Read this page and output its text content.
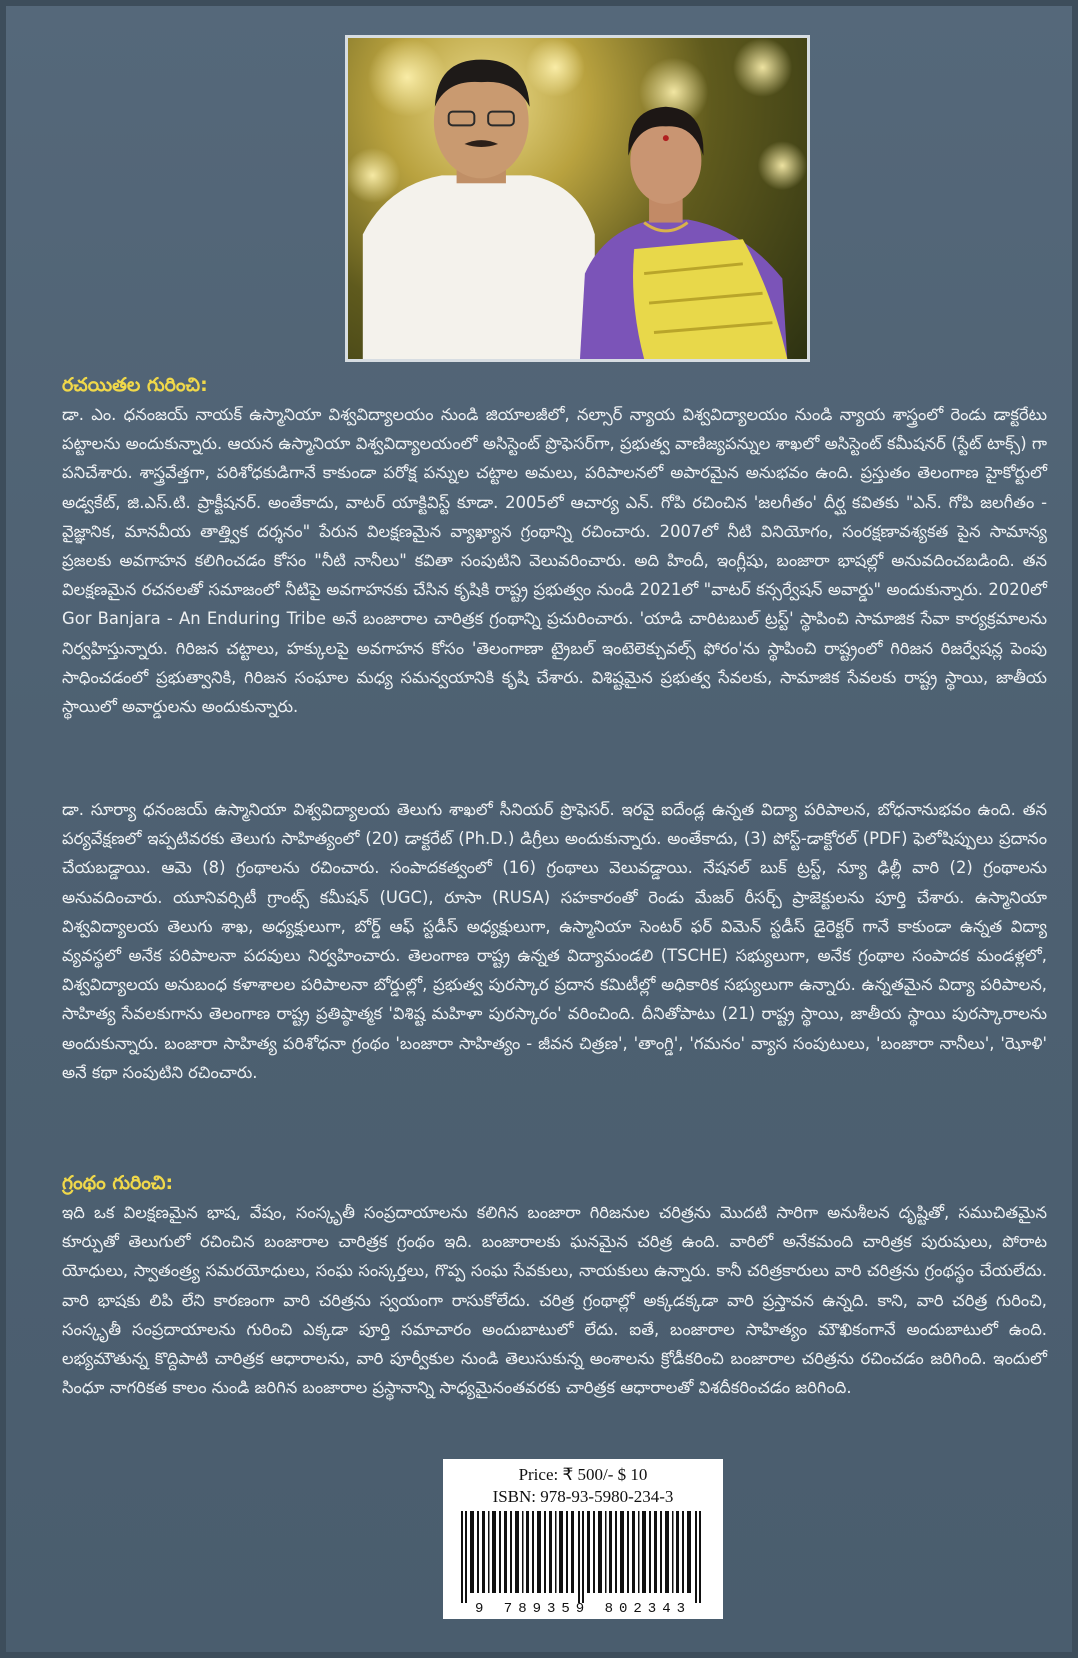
రచయితల గురించి:

డా. ఎం. ధనంజయ్ నాయక్ ఉస్మానియా విశ్వవిద్యాలయం నుండి జియాలజీలో, నల్సార్ న్యాయ విశ్వవిద్యాలయం నుండి న్యాయ శాస్త్రంలో రెండు డాక్టరేటు పట్టాలను అందుకున్నారు. ఆయన ఉస్మానియా విశ్వవిద్యాలయంలో అసిస్టెంట్ ప్రొఫెసర్‌గా, ప్రభుత్వ వాణిజ్యపన్నుల శాఖలో అసిస్టెంట్ కమీషనర్ (స్టేట్ టాక్స్) గా పనిచేశారు. శాస్త్రవేత్తగా, పరిశోధకుడిగానే కాకుండా పరోక్ష పన్నుల చట్టాల అమలు, పరిపాలనలో అపారమైన అనుభవం ఉంది. ప్రస్తుతం తెలంగాణ హైకోర్టులో అడ్వకేట్, జి.ఎస్.టి. ప్రాక్టీషనర్. అంతేకాదు, వాటర్ యాక్టివిస్ట్ కూడా. 2005లో ఆచార్య ఎన్. గోపి రచించిన 'జలగీతం' దీర్ఘ కవితకు "ఎన్. గోపి జలగీతం - వైజ్ఞానిక, మానవీయ తాత్త్విక దర్శనం" పేరున విలక్షణమైన వ్యాఖ్యాన గ్రంథాన్ని రచించారు. 2007లో నీటి వినియోగం, సంరక్షణావశ్యకత పైన సామాన్య ప్రజలకు అవగాహన కలిగించడం కోసం "నీటి నానీలు" కవితా సంపుటిని వెలువరించారు. అది హిందీ, ఇంగ్లీషు, బంజారా భాషల్లో అనువదించబడింది. తన విలక్షణమైన రచనలతో సమాజంలో నీటిపై అవగాహనకు చేసిన కృషికి రాష్ట్ర ప్రభుత్వం నుండి 2021లో "వాటర్ కన్సర్వేషన్ అవార్డు" అందుకున్నారు. 2020లో Gor Banjara - An Enduring Tribe అనే బంజారాల చారిత్రక గ్రంథాన్ని ప్రచురించారు. 'యాడి చారిటబుల్ ట్రస్ట్' స్థాపించి సామాజిక సేవా కార్యక్రమాలను నిర్వహిస్తున్నారు. గిరిజన చట్టాలు, హక్కులపై అవగాహన కోసం 'తెలంగాణా ట్రైబల్ ఇంటెలెక్చువల్స్ ఫోరం'ను స్థాపించి రాష్ట్రంలో గిరిజన రిజర్వేషన్ల పెంపు సాధించడంలో ప్రభుత్వానికి, గిరిజన సంఘాల మధ్య సమన్వయానికి కృషి చేశారు. విశిష్టమైన ప్రభుత్వ సేవలకు, సామాజిక సేవలకు రాష్ట్ర స్థాయి, జాతీయ స్థాయిలో అవార్డులను అందుకున్నారు.

డా. సూర్యా ధనంజయ్ ఉస్మానియా విశ్వవిద్యాలయ తెలుగు శాఖలో సీనియర్ ప్రొఫెసర్. ఇరవై ఐదేండ్ల ఉన్నత విద్యా పరిపాలన, బోధనానుభవం ఉంది. తన పర్యవేక్షణలో ఇప్పటివరకు తెలుగు సాహిత్యంలో (20) డాక్టరేట్ (Ph.D.) డిగ్రీలు అందుకున్నారు. అంతేకాదు, (3) పోస్ట్-డాక్టోరల్ (PDF) ఫెలోషిప్పులు ప్రదానం చేయబడ్డాయి. ఆమె (8) గ్రంథాలను రచించారు. సంపాదకత్వంలో (16) గ్రంథాలు వెలువడ్డాయి. నేషనల్ బుక్ ట్రస్ట్, న్యూ ఢిల్లీ వారి (2) గ్రంథాలను అనువదించారు. యూనివర్సిటీ గ్రాంట్స్ కమీషన్ (UGC), రూసా (RUSA) సహకారంతో రెండు మేజర్ రీసర్చ్ ప్రాజెక్టులను పూర్తి చేశారు. ఉస్మానియా విశ్వవిద్యాలయ తెలుగు శాఖ, అధ్యక్షులుగా, బోర్డ్ ఆఫ్ స్టడీస్ అధ్యక్షులుగా, ఉస్మానియా సెంటర్ ఫర్ విమెన్ స్టడీస్ డైరెక్టర్ గానే కాకుండా ఉన్నత విద్యా వ్యవస్థలో అనేక పరిపాలనా పదవులు నిర్వహించారు. తెలంగాణ రాష్ట్ర ఉన్నత విద్యామండలి (TSCHE) సభ్యులుగా, అనేక గ్రంథాల సంపాదక మండళ్లలో, విశ్వవిద్యాలయ అనుబంధ కళాశాలల పరిపాలనా బోర్డుల్లో, ప్రభుత్వ పురస్కార ప్రదాన కమిటీల్లో అధికారిక సభ్యులుగా ఉన్నారు. ఉన్నతమైన విద్యా పరిపాలన, సాహిత్య సేవలకుగాను తెలంగాణ రాష్ట్ర ప్రతిష్ఠాత్మక 'విశిష్ట మహిళా పురస్కారం' వరించింది. దీనితోపాటు (21) రాష్ట్ర స్థాయి, జాతీయ స్థాయి పురస్కారాలను అందుకున్నారు. బంజారా సాహిత్య పరిశోధనా గ్రంథం 'బంజారా సాహిత్యం - జీవన చిత్రణ', 'తాంగ్డి', 'గమనం' వ్యాస సంపుటులు, 'బంజారా నానీలు', 'ఝోళి' అనే కథా సంపుటిని రచించారు.

గ్రంథం గురించి:

ఇది ఒక విలక్షణమైన భాష, వేషం, సంస్కృతీ సంప్రదాయాలను కలిగిన బంజారా గిరిజనుల చరిత్రను మొదటి సారిగా అనుశీలన దృష్టితో, సముచితమైన కూర్పుతో తెలుగులో రచించిన బంజారాల చారిత్రక గ్రంథం ఇది. బంజారాలకు ఘనమైన చరిత్ర ఉంది. వారిలో అనేకమంది చారిత్రక పురుషులు, పోరాట యోధులు, స్వాతంత్ర్య సమరయోధులు, సంఘ సంస్కర్తలు, గొప్ప సంఘ సేవకులు, నాయకులు ఉన్నారు. కానీ చరిత్రకారులు వారి చరిత్రను గ్రంథస్థం చేయలేదు. వారి భాషకు లిపి లేని కారణంగా వారి చరిత్రను స్వయంగా రాసుకోలేదు. చరిత్ర గ్రంథాల్లో అక్కడక్కడా వారి ప్రస్తావన ఉన్నది. కాని, వారి చరిత్ర గురించి, సంస్కృతీ సంప్రదాయాలను గురించి ఎక్కడా పూర్తి సమాచారం అందుబాటులో లేదు. ఐతే, బంజారాల సాహిత్యం మౌఖికంగానే అందుబాటులో ఉంది. లభ్యమౌతున్న కొద్దిపాటి చారిత్రక ఆధారాలను, వారి పూర్వీకుల నుండి తెలుసుకున్న అంశాలను క్రోడీకరించి బంజారాల చరిత్రను రచించడం జరిగింది. ఇందులో సింధూ నాగరికత కాలం నుండి జరిగిన బంజారాల ప్రస్థానాన్ని సాధ్యమైనంతవరకు చారిత్రక ఆధారాలతో విశదీకరించడం జరిగింది.

Price: ₹ 500/- $ 10
ISBN: 978-93-5980-234-3
9 789359 802343
